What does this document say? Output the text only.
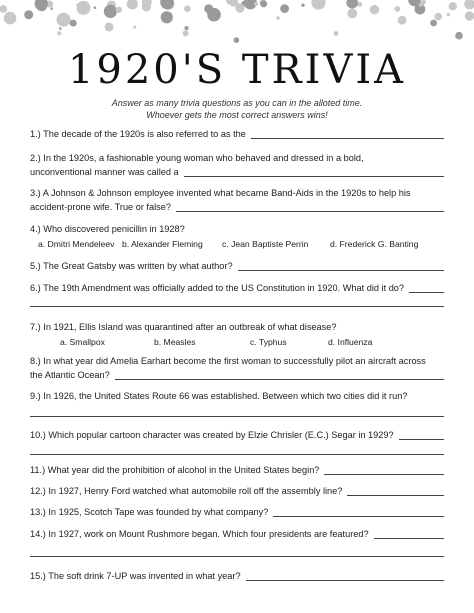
1920'S TRIVIA

Answer as many trivia questions as you can in the alloted time.

Whoever gets the most correct answers wins!

1.) The decade of the 1920s is also referred to as the
2.) In the 1920s, a fashionable young woman who behaved and dressed in a bold,
unconventional manner was called a
3.) A Johnson & Johnson employee invented what became Band-Aids in the 1920s to help his
accident-prone wife. True or false?
4.) Who discovered penicillin in 1928?
a. Dmitri Mendeleev b. Alexander Fleming	c. Jean Baptiste Perrin	d. Frederick G. Banting
5.) The Great Gatsby was written by what author?
6.) The 19th Amendment was officially added to the US Constitution in 1920. What did it do?
7.) In 1921, Ellis Island was quarantined after an outbreak of what disease?
a. Smallpox	b. Measles	c. Typhus	d. Influenza
8.) In what year did Amelia Earhart become the first woman to successfully pilot an aircraft across
the Atlantic Ocean?
9.) In 1926, the United States Route 66 was established. Between which two cities did it run?
10.) Which popular cartoon character was created by Elzie Chrisler (E.C.) Segar in 1929?
11.) What year did the prohibition of alcohol in the United States begin?
12.) In 1927, Henry Ford watched what automobile roll off the assembly line?
13.) In 1925, Scotch Tape was founded by what company?
14.) In 1927, work on Mount Rushmore began. Which four presidents are featured?
15.) The soft drink 7-UP was invented in what year?
